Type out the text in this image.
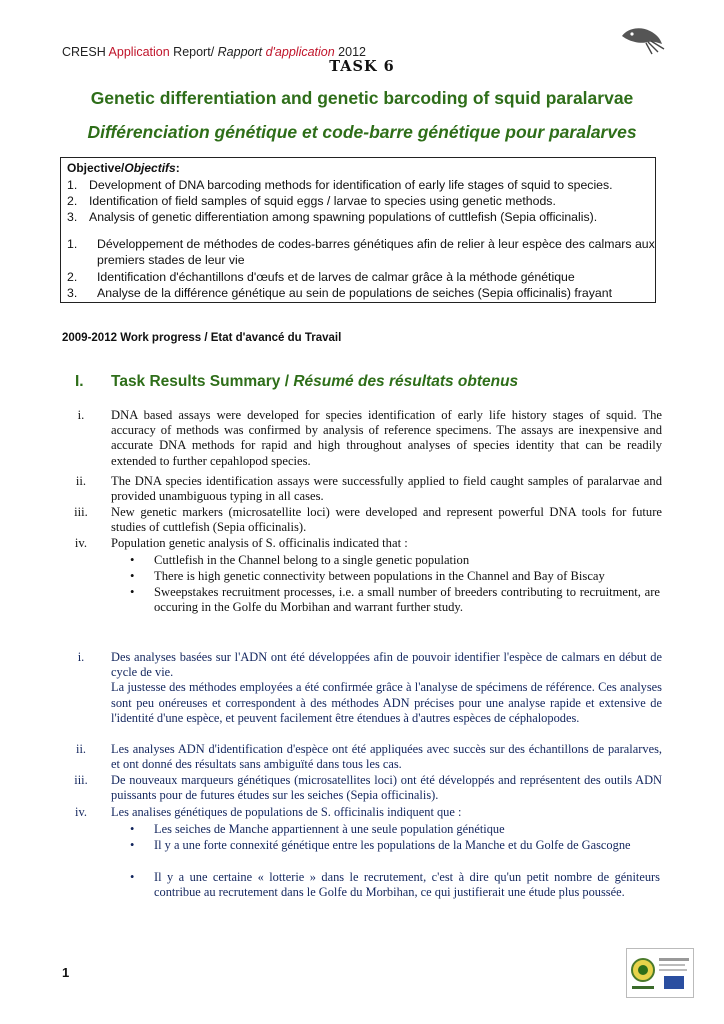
CRESH Application Report/ Rapport d'application 2012
TASK 6
Genetic differentiation and genetic barcoding of squid paralarvae
Différenciation génétique et code-barre génétique pour paralarves
Objective/Objectifs:
1. Development of DNA barcoding methods for identification of early life stages of squid to species.
2. Identification of field samples of squid eggs / larvae to species using genetic methods.
3. Analysis of genetic differentiation among spawning populations of cuttlefish (Sepia officinalis).
1. Développement de méthodes de codes-barres génétiques afin de relier à leur espèce des calmars aux premiers stades de leur vie
2. Identification d'échantillons d'œufs et de larves de calmar grâce à la méthode génétique
3. Analyse de la différence génétique au sein de populations de seiches (Sepia officinalis) frayant
2009-2012 Work progress / Etat d'avancé du Travail
I. Task Results Summary / Résumé des résultats obtenus
i.	DNA based assays were developed for species identification of early life history stages of squid. The accuracy of methods was confirmed by analysis of reference specimens. The assays are inexpensive and accurate DNA methods for rapid and high throughout analyses of species identity that can be readily extended to further cepahlopod species.
ii.	The DNA species identification assays were successfully applied to field caught samples of paralarvae and provided unambiguous typing in all cases.
iii.	New genetic markers (microsatellite loci) were developed and represent powerful DNA tools for future studies of cuttlefish (Sepia officinalis).
iv.	Population genetic analysis of S. officinalis indicated that :
• Cuttlefish in the Channel belong to a single genetic population
• There is high genetic connectivity between populations in the Channel and Bay of Biscay
• Sweepstakes recruitment processes, i.e. a small number of breeders contributing to recruitment, are occuring in the Golfe du Morbihan and warrant further study.
i.	Des analyses basées sur l'ADN ont été développées afin de pouvoir identifier l'espèce de calmars en début de cycle de vie.
La justesse des méthodes employées a été confirmée grâce à l'analyse de spécimens de référence. Ces analyses sont peu onéreuses et correspondent à des méthodes ADN précises pour une analyse rapide et extensive de l'identité d'une espèce, et peuvent facilement être étendues à d'autres espèces de céphalopodes.
ii.	Les analyses ADN d'identification d'espèce ont été appliquées avec succès sur des échantillons de paralarves, et ont donné des résultats sans ambiguïté dans tous les cas.
iii.	De nouveaux marqueurs génétiques (microsatellites loci) ont été développés and représentent des outils ADN puissants pour de futures études sur les seiches (Sepia officinalis).
iv.	Les analises génétiques de populations de S. officinalis indiquent que :
• Les seiches de Manche appartiennent à une seule population génétique
• Il y a une forte connexité génétique entre les populations de la Manche et du Golfe de Gascogne
• Il y a une certaine « lotterie » dans le recrutement, c'est à dire qu'un petit nombre de géniteurs contribue au recrutement dans le Golfe du Morbihan, ce qui justifierait une étude plus poussée.
1
